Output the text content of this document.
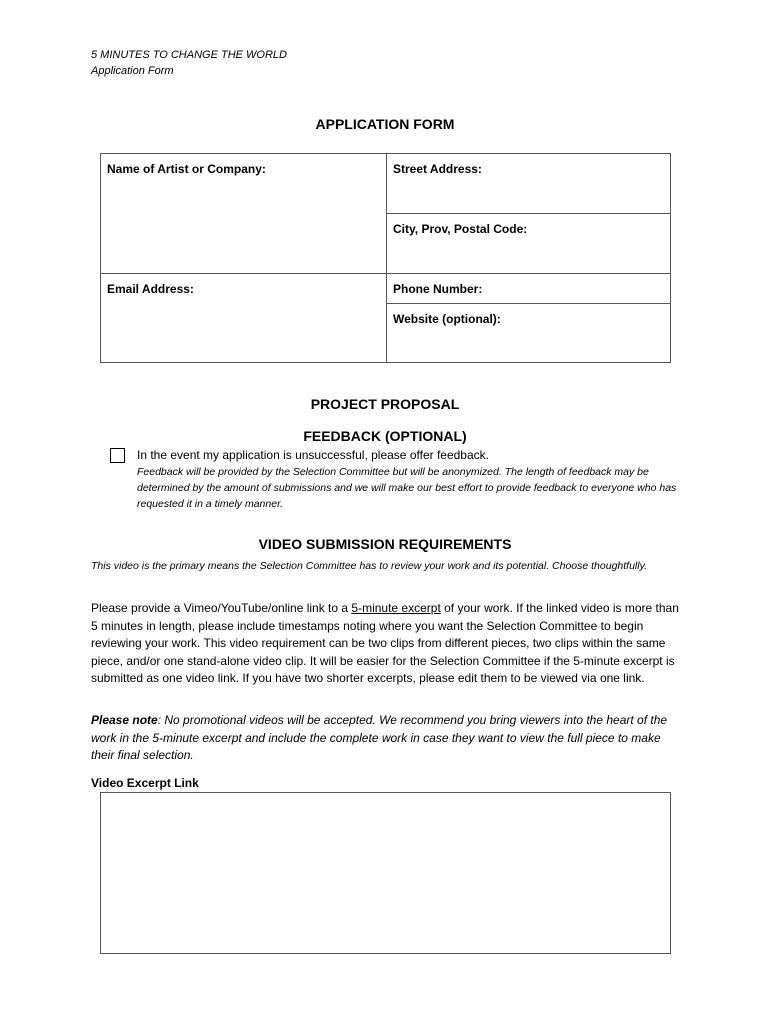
5 MINUTES TO CHANGE THE WORLD
Application Form
APPLICATION FORM
Name of Artist or Company:	Street Address:
City, Prov, Postal Code:
Email Address:	Phone Number:
Website (optional):
PROJECT PROPOSAL
FEEDBACK (OPTIONAL)
In the event my application is unsuccessful, please offer feedback.
Feedback will be provided by the Selection Committee but will be anonymized. The length of feedback may be determined by the amount of submissions and we will make our best effort to provide feedback to everyone who has requested it in a timely manner.
VIDEO SUBMISSION REQUIREMENTS
This video is the primary means the Selection Committee has to review your work and its potential. Choose thoughtfully.
Please provide a Vimeo/YouTube/online link to a 5-minute excerpt of your work. If the linked video is more than 5 minutes in length, please include timestamps noting where you want the Selection Committee to begin reviewing your work. This video requirement can be two clips from different pieces, two clips within the same piece, and/or one stand-alone video clip. It will be easier for the Selection Committee if the 5-minute excerpt is submitted as one video link. If you have two shorter excerpts, please edit them to be viewed via one link.
Please note: No promotional videos will be accepted. We recommend you bring viewers into the heart of the work in the 5-minute excerpt and include the complete work in case they want to view the full piece to make their final selection.
Video Excerpt Link
